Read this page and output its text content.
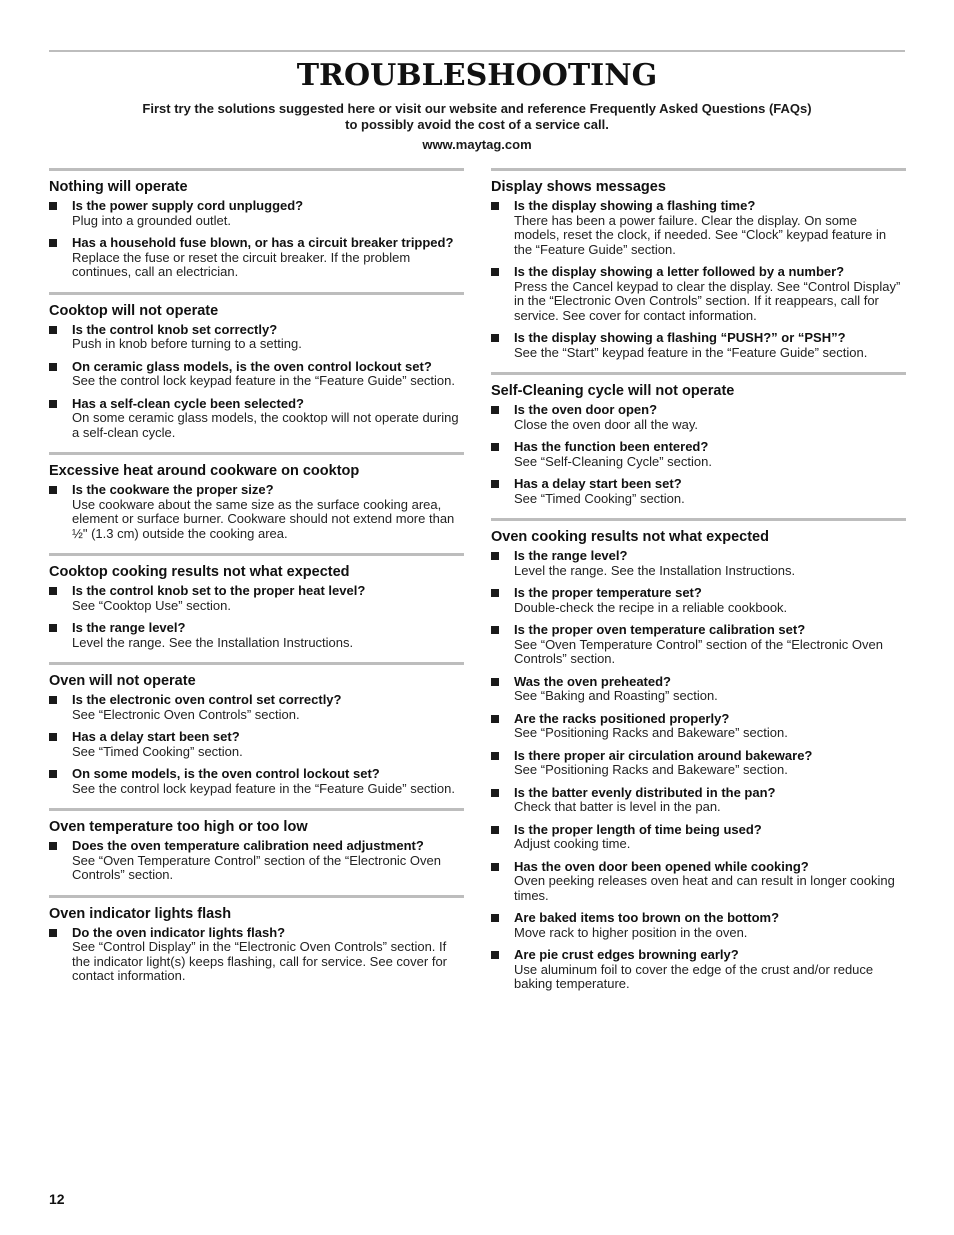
TROUBLESHOOTING
First try the solutions suggested here or visit our website and reference Frequently Asked Questions (FAQs)
to possibly avoid the cost of a service call.
www.maytag.com
Nothing will operate
Is the power supply cord unplugged?
Plug into a grounded outlet.
Has a household fuse blown, or has a circuit breaker tripped?
Replace the fuse or reset the circuit breaker. If the problem continues, call an electrician.
Cooktop will not operate
Is the control knob set correctly?
Push in knob before turning to a setting.
On ceramic glass models, is the oven control lockout set?
See the control lock keypad feature in the “Feature Guide” section.
Has a self-clean cycle been selected?
On some ceramic glass models, the cooktop will not operate during a self-clean cycle.
Excessive heat around cookware on cooktop
Is the cookware the proper size?
Use cookware about the same size as the surface cooking area, element or surface burner. Cookware should not extend more than ½" (1.3 cm) outside the cooking area.
Cooktop cooking results not what expected
Is the control knob set to the proper heat level?
See “Cooktop Use” section.
Is the range level?
Level the range. See the Installation Instructions.
Oven will not operate
Is the electronic oven control set correctly?
See “Electronic Oven Controls” section.
Has a delay start been set?
See “Timed Cooking” section.
On some models, is the oven control lockout set?
See the control lock keypad feature in the “Feature Guide” section.
Oven temperature too high or too low
Does the oven temperature calibration need adjustment?
See “Oven Temperature Control” section of the “Electronic Oven Controls” section.
Oven indicator lights flash
Do the oven indicator lights flash?
See “Control Display” in the “Electronic Oven Controls” section. If the indicator light(s) keeps flashing, call for service. See cover for contact information.
Display shows messages
Is the display showing a flashing time?
There has been a power failure. Clear the display. On some models, reset the clock, if needed. See “Clock” keypad feature in the “Feature Guide” section.
Is the display showing a letter followed by a number?
Press the Cancel keypad to clear the display. See “Control Display” in the “Electronic Oven Controls” section. If it reappears, call for service. See cover for contact information.
Is the display showing a flashing “PUSH?” or “PSH”?
See the “Start” keypad feature in the “Feature Guide” section.
Self-Cleaning cycle will not operate
Is the oven door open?
Close the oven door all the way.
Has the function been entered?
See “Self-Cleaning Cycle” section.
Has a delay start been set?
See “Timed Cooking” section.
Oven cooking results not what expected
Is the range level?
Level the range. See the Installation Instructions.
Is the proper temperature set?
Double-check the recipe in a reliable cookbook.
Is the proper oven temperature calibration set?
See “Oven Temperature Control” section of the “Electronic Oven Controls” section.
Was the oven preheated?
See “Baking and Roasting” section.
Are the racks positioned properly?
See “Positioning Racks and Bakeware” section.
Is there proper air circulation around bakeware?
See “Positioning Racks and Bakeware” section.
Is the batter evenly distributed in the pan?
Check that batter is level in the pan.
Is the proper length of time being used?
Adjust cooking time.
Has the oven door been opened while cooking?
Oven peeking releases oven heat and can result in longer cooking times.
Are baked items too brown on the bottom?
Move rack to higher position in the oven.
Are pie crust edges browning early?
Use aluminum foil to cover the edge of the crust and/or reduce baking temperature.
12
